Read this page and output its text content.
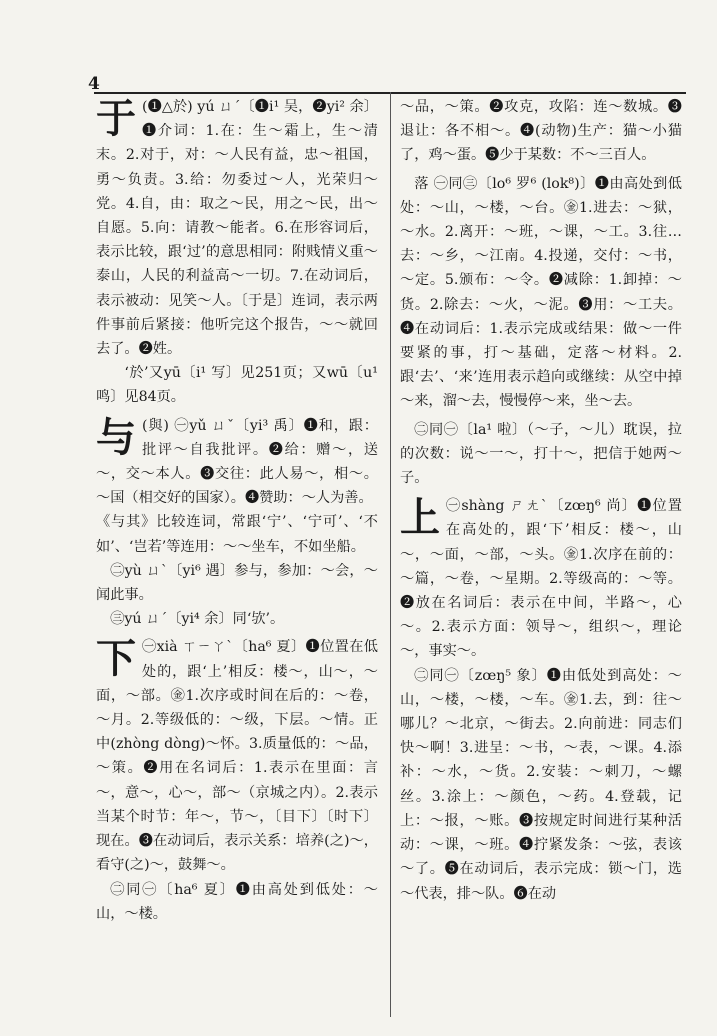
4
于 (❶△於) yú ㄩˊ〔❶i¹ 吴，❷yi² 余〕❶介词：1.在：生～霜上，生～清末。2.对于，对：～人民有益，忠～祖国，勇～负责。3.给：勿委过～人，光荣归～党。4.自，由：取之～民，用之～民，出～自愿。5.向：请教～能者。6.在形容词后，表示比较，跟‘过’的意思相同：附贱情义重～泰山，人民的利益高～一切。7.在动词后，表示被动：见笑～人。〔于是〕连词，表示两件事前后紧接：他听完这个报告，～～就回去了。❷姓。

‘於’又yū〔i¹ 写〕见251页；又wū〔u¹ 鸣〕见84页。

与 (與) ㊀yǔ ㄩˇ〔yi³ 禹〕❶和，跟：批评～自我批评。❷给：赠～，送～，交～本人。❸交往：此人易～，相～。～国（相交好的国家）。❹赞助：～人为善。

《与其》比较连词，常跟‘宁’、‘宁可’、‘不如’、‘岂若’等连用：～～坐车，不如坐船。

㊁yù ㄩˋ〔yi⁶ 遇〕参与，参加：～会，～闻此事。

㊂yú ㄩˊ〔yi⁴ 余〕同‘欤’。

下 ㊀xià ㄒㄧㄚˋ〔ha⁶ 夏〕❶位置在低处的，跟‘上’相反：楼～，山～，～面，～部。㊎1.次序或时间在后的：～卷，～月。2.等级低的：～级，下层。～情。正中(zhòng dòng)～怀。3.质量低的：～品，～策。❷用在名词后：1.表示在里面：言～，意～，心～，部～（京城之内）。2.表示当某个时节：年～，节～，〔目下〕〔时下〕现在。❸在动词后，表示关系：培养(之)～，看守(之)～，鼓舞～。

㊁同㊀〔ha⁶ 夏〕❶由高处到低处：～山，～楼。

～品，～策。❷攻克，攻陷：连～数城。❸退让：各不相～。❹(动物)生产：猫～小猫了，鸡～蛋。❺少于某数：不～三百人。

落 ㊀同㊂〔lo⁶ 罗⁶ (lok⁸)〕❶由高处到低处：～山，～楼，～台。㊎1.进去：～狱，～水。2.离开：～班，～课，～工。3.往…去：～乡，～江南。4.投递，交付：～书，～定。5.颁布：～令。❷减除：1.卸掉：～货。2.除去：～火，～泥。❸用：～工夫。❹在动词后：1.表示完成或结果：做～一件要紧的事，打～基础，定落～材料。2.跟‘去’、‘来’连用表示趋向或继续：从空中掉～来，溜～去，慢慢停～来，坐～去。

㊁同㊀〔la¹ 啦〕（～子，～儿）耽误，拉的次数：说～一～，打十～，把信于她两～子。

上 ㊀shàng ㄕㄤˋ〔zœŋ⁶ 尚〕❶位置在高处的，跟‘下’相反：楼～，山～，～面，～部，～头。㊎1.次序在前的：～篇，～卷，～星期。2.等级高的：～等。❷放在名词后：表示在中间，半路～，心～。2.表示方面：领导～，组织～，理论～，事实～。

㊁同㊀〔zœŋ⁵ 象〕❶由低处到高处：～山，～楼，～楼，～车。㊎1.去，到：往～哪儿？～北京，～街去。2.向前进：同志们快～啊！3.进呈：～书，～表，～课。4.添补：～水，～货。2.安装：～刺刀，～螺丝。3.涂上：～颜色，～药。4.登载，记上：～报，～账。❸按规定时间进行某种活动：～课，～班。❹拧紧发条：～弦，表该～了。❺在动词后，表示完成：锁～门，选～代表，排～队。❻在动
